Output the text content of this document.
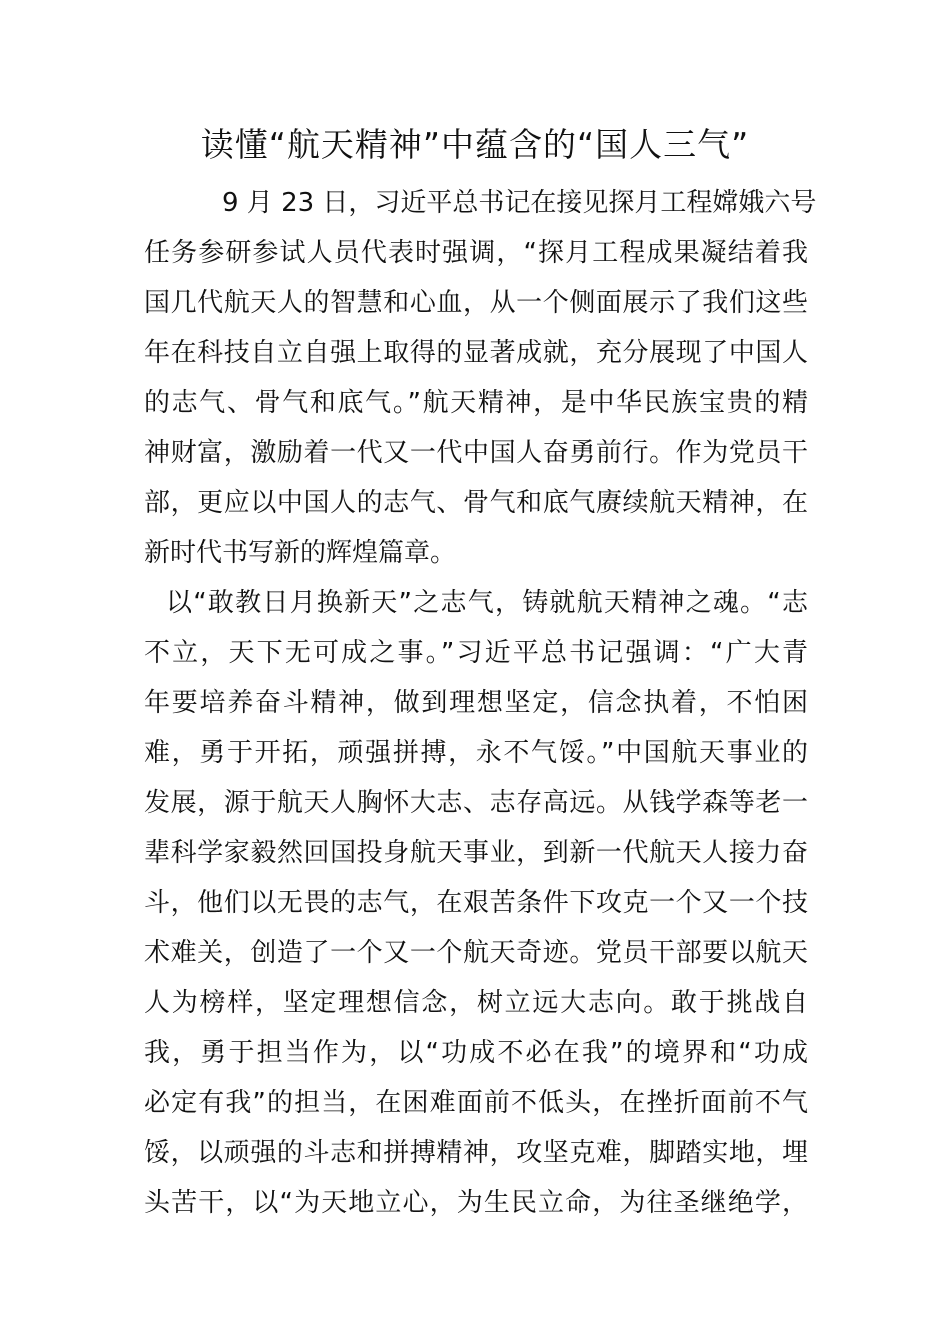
读懂“航天精神”中蕴含的“国人三气”
9 月 23 日，习近平总书记在接见探月工程嫦娥六号
任务参研参试人员代表时强调，“探月工程成果凝结着我
国几代航天人的智慧和心血，从一个侧面展示了我们这些
年在科技自立自强上取得的显著成就，充分展现了中国人
的志气、骨气和底气。”航天精神，是中华民族宝贵的精
神财富，激励着一代又一代中国人奋勇前行。作为党员干
部，更应以中国人的志气、骨气和底气赓续航天精神，在
新时代书写新的辉煌篇章。
以“敢教日月换新天”之志气，铸就航天精神之魂。“志
不立，天下无可成之事。”习近平总书记强调：“广大青
年要培养奋斗精神，做到理想坚定，信念执着，不怕困
难，勇于开拓，顽强拼搏，永不气馁。”中国航天事业的
发展，源于航天人胸怀大志、志存高远。从钱学森等老一
辈科学家毅然回国投身航天事业，到新一代航天人接力奋
斗，他们以无畏的志气，在艰苦条件下攻克一个又一个技
术难关，创造了一个又一个航天奇迹。党员干部要以航天
人为榜样，坚定理想信念，树立远大志向。敢于挑战自
我，勇于担当作为，以“功成不必在我”的境界和“功成
必定有我”的担当，在困难面前不低头，在挫折面前不气
馁，以顽强的斗志和拼搏精神，攻坚克难，脚踏实地，埋
头苦干，以“为天地立心，为生民立命，为往圣继绝学，
